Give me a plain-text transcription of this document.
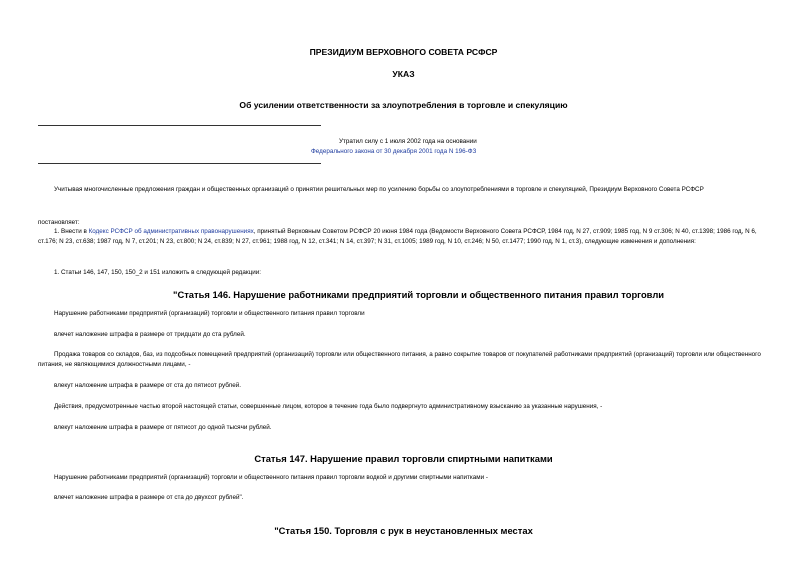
ПРЕЗИДИУМ ВЕРХОВНОГО СОВЕТА РСФСР
УКАЗ
Об усилении ответственности за злоупотребления в торговле и спекуляцию
Утратил силу с 1 июля 2002 года на основании
Федерального закона от 30 декабря 2001 года N 196-ФЗ
Учитывая многочисленные предложения граждан и общественных организаций о принятии решительных мер по усилению борьбы со злоупотреблениями в торговле и спекуляцией, Президиум Верховного Совета РСФСР
постановляет:
1. Внести в Кодекс РСФСР об административных правонарушениях, принятый Верховным Советом РСФСР 20 июня 1984 года (Ведомости Верховного Совета РСФСР, 1984 год, N 27, ст.909; 1985 год, N 9 ст.306; N 40, ст.1398; 1986 год, N 6, ст.176; N 23, ст.638; 1987 год, N 7, ст.201; N 23, ст.800; N 24, ст.839; N 27, ст.961; 1988 год, N 12, ст.341; N 14, ст.397; N 31, ст.1005; 1989 год, N 10, ст.246; N 50, ст.1477; 1990 год, N 1, ст.3), следующие изменения и дополнения:
1. Статьи 146, 147, 150, 150_2 и 151 изложить в следующей редакции:
"Статья 146. Нарушение работниками предприятий торговли и общественного питания правил торговли
Нарушение работниками предприятий (организаций) торговли и общественного питания правил торговли
влечет наложение штрафа в размере от тридцати до ста рублей.
Продажа товаров со складов, баз, из подсобных помещений предприятий (организаций) торговли или общественного питания, а равно сокрытие товаров от покупателей работниками предприятий (организаций) торговли или общественного питания, не являющимися должностными лицами, -
влекут наложение штрафа в размере от ста до пятисот рублей.
Действия, предусмотренные частью второй настоящей статьи, совершенные лицом, которое в течение года было подвергнуто административному взысканию за указанные нарушения, -
влекут наложение штрафа в размере от пятисот до одной тысячи рублей.
Статья 147. Нарушение правил торговли спиртными напитками
Нарушение работниками предприятий (организаций) торговли и общественного питания правил торговли водкой и другими спиртными напитками -
влечет наложение штрафа в размере от ста до двухсот рублей".
"Статья 150. Торговля с рук в неустановленных местах
